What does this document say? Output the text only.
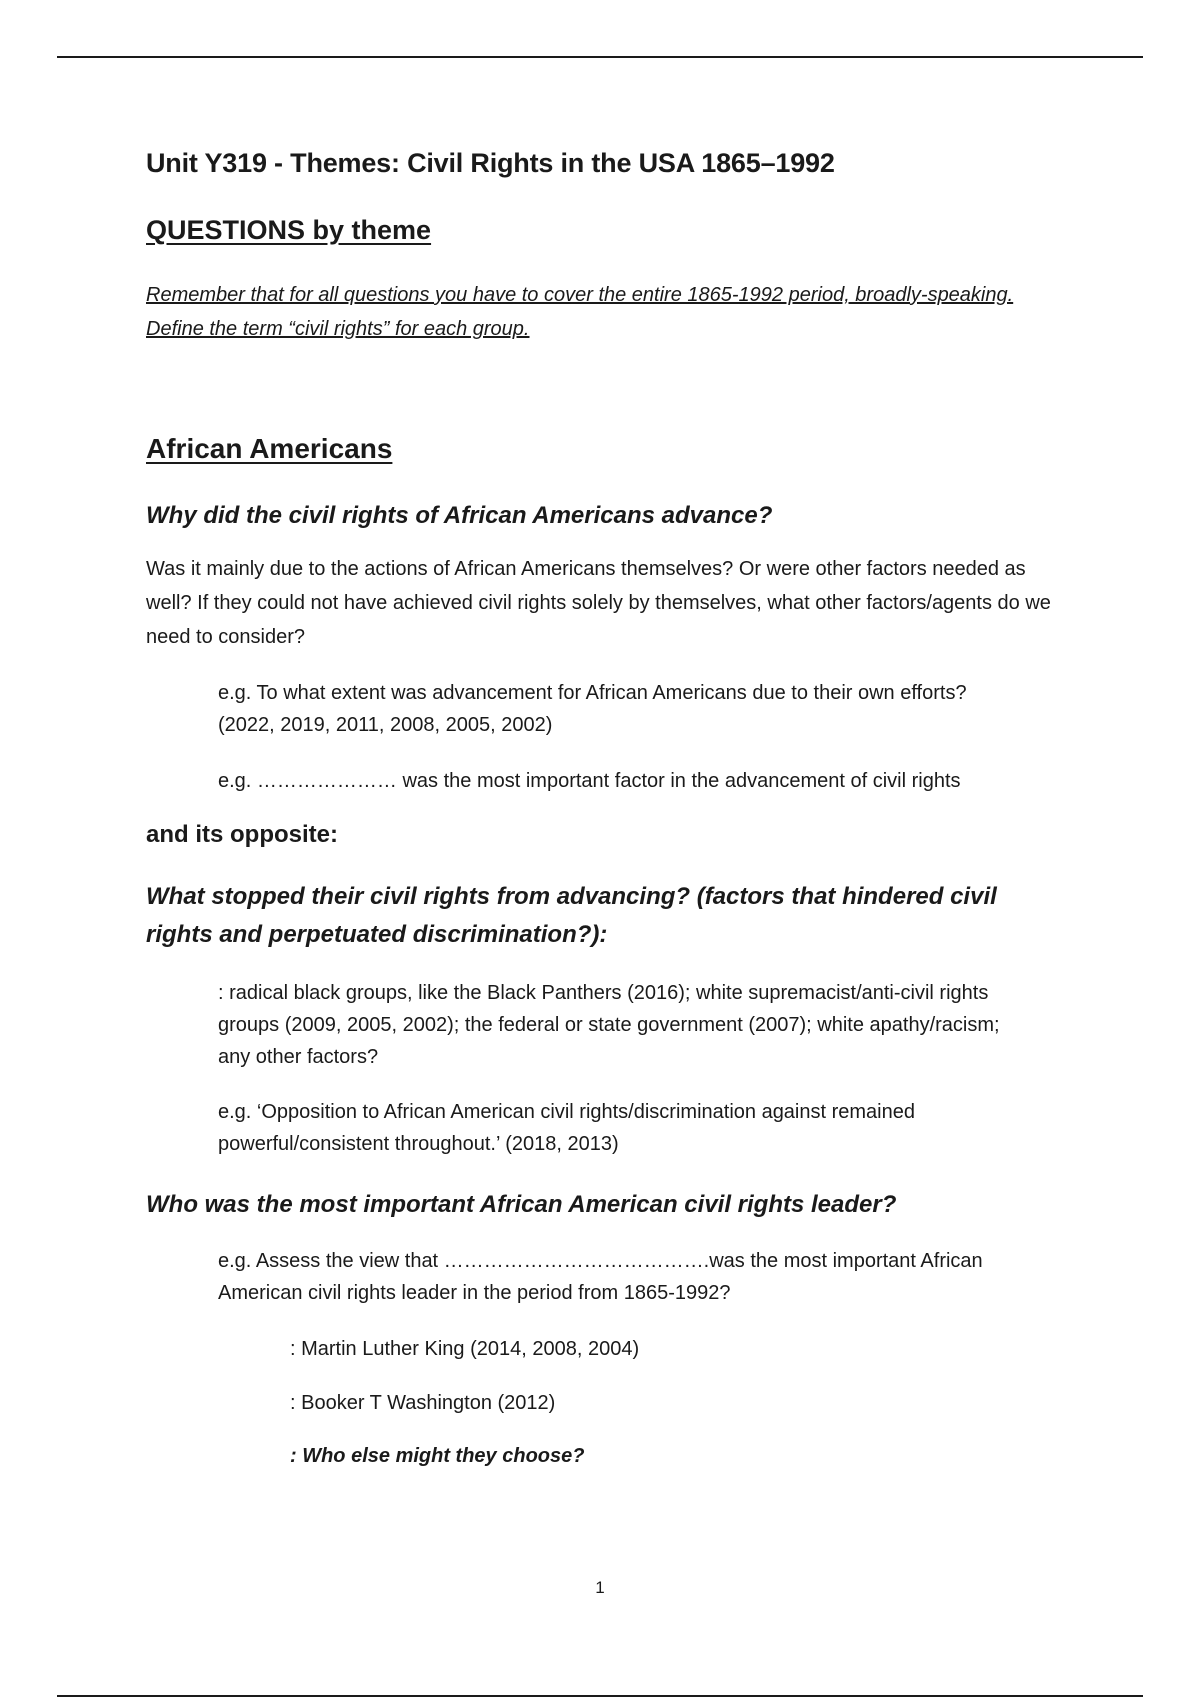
Unit Y319 - Themes: Civil Rights in the USA 1865–1992
QUESTIONS by theme

Remember that for all questions you have to cover the entire 1865-1992 period, broadly-speaking. Define the term “civil rights” for each group.

African Americans
Why did the civil rights of African Americans advance?

Was it mainly due to the actions of African Americans themselves? Or were other factors needed as well? If they could not have achieved civil rights solely by themselves, what other factors/agents do we need to consider?

e.g. To what extent was advancement for African Americans due to their own efforts? (2022, 2019, 2011, 2008, 2005, 2002)

e.g. ………………… was the most important factor in the advancement of civil rights

and its opposite:

What stopped their civil rights from advancing? (factors that hindered civil rights and perpetuated discrimination?):

: radical black groups, like the Black Panthers (2016); white supremacist/anti-civil rights groups (2009, 2005, 2002); the federal or state government (2007); white apathy/racism; any other factors?

e.g. ‘Opposition to African American civil rights/discrimination against remained powerful/consistent throughout.’ (2018, 2013)

Who was the most important African American civil rights leader?

e.g. Assess the view that ………………………………….was the most important African American civil rights leader in the period from 1865-1992?

: Martin Luther King (2014, 2008, 2004)

: Booker T Washington (2012)

: Who else might they choose?

1
